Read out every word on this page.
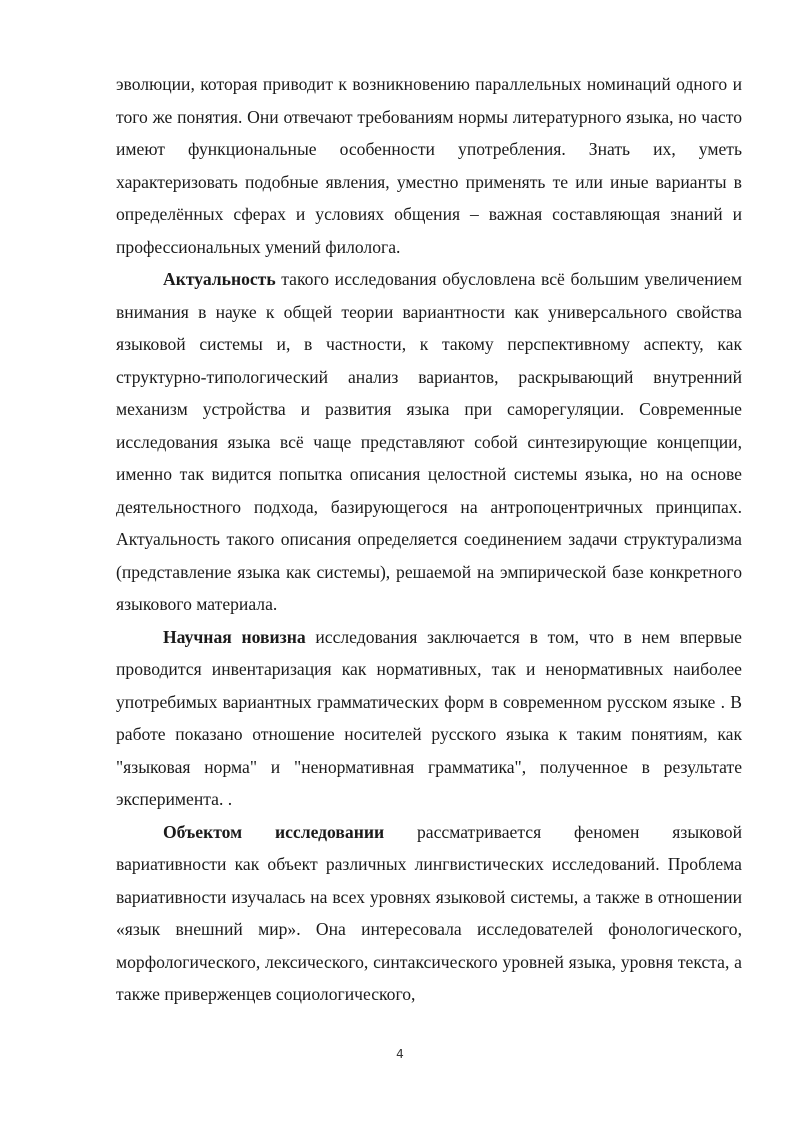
эволюции, которая приводит к возникновению параллельных номинаций одного и того же понятия. Они отвечают требованиям нормы литературного языка, но часто имеют функциональные особенности употребления. Знать их, уметь характеризовать подобные явления, уместно применять те или иные варианты в определённых сферах и условиях общения – важная составляющая знаний и профессиональных умений филолога.

Актуальность такого исследования обусловлена всё большим увеличением внимания в науке к общей теории вариантности как универсального свойства языковой системы и, в частности, к такому перспективному аспекту, как структурно-типологический анализ вариантов, раскрывающий внутренний механизм устройства и развития языка при саморегуляции. Современные исследования языка всё чаще представляют собой синтезирующие концепции, именно так видится попытка описания целостной системы языка, но на основе деятельностного подхода, базирующегося на антропоцентричных принципах. Актуальность такого описания определяется соединением задачи структурализма (представление языка как системы), решаемой на эмпирической базе конкретного языкового материала.

Научная новизна исследования заключается в том, что в нем впервые проводится инвентаризация как нормативных, так и ненормативных наиболее употребимых вариантных грамматических форм в современном русском языке . В работе показано отношение носителей русского языка к таким понятиям, как "языковая норма" и "ненормативная грамматика", полученное в результате эксперимента. .

Объектом исследовании рассматривается феномен языковой вариативности как объект различных лингвистических исследований. Проблема вариативности изучалась на всех уровнях языковой системы, а также в отношении «язык внешний мир». Она интересовала исследователей фонологического, морфологического, лексического, синтаксического уровней языка, уровня текста, а также приверженцев социологического,

4
